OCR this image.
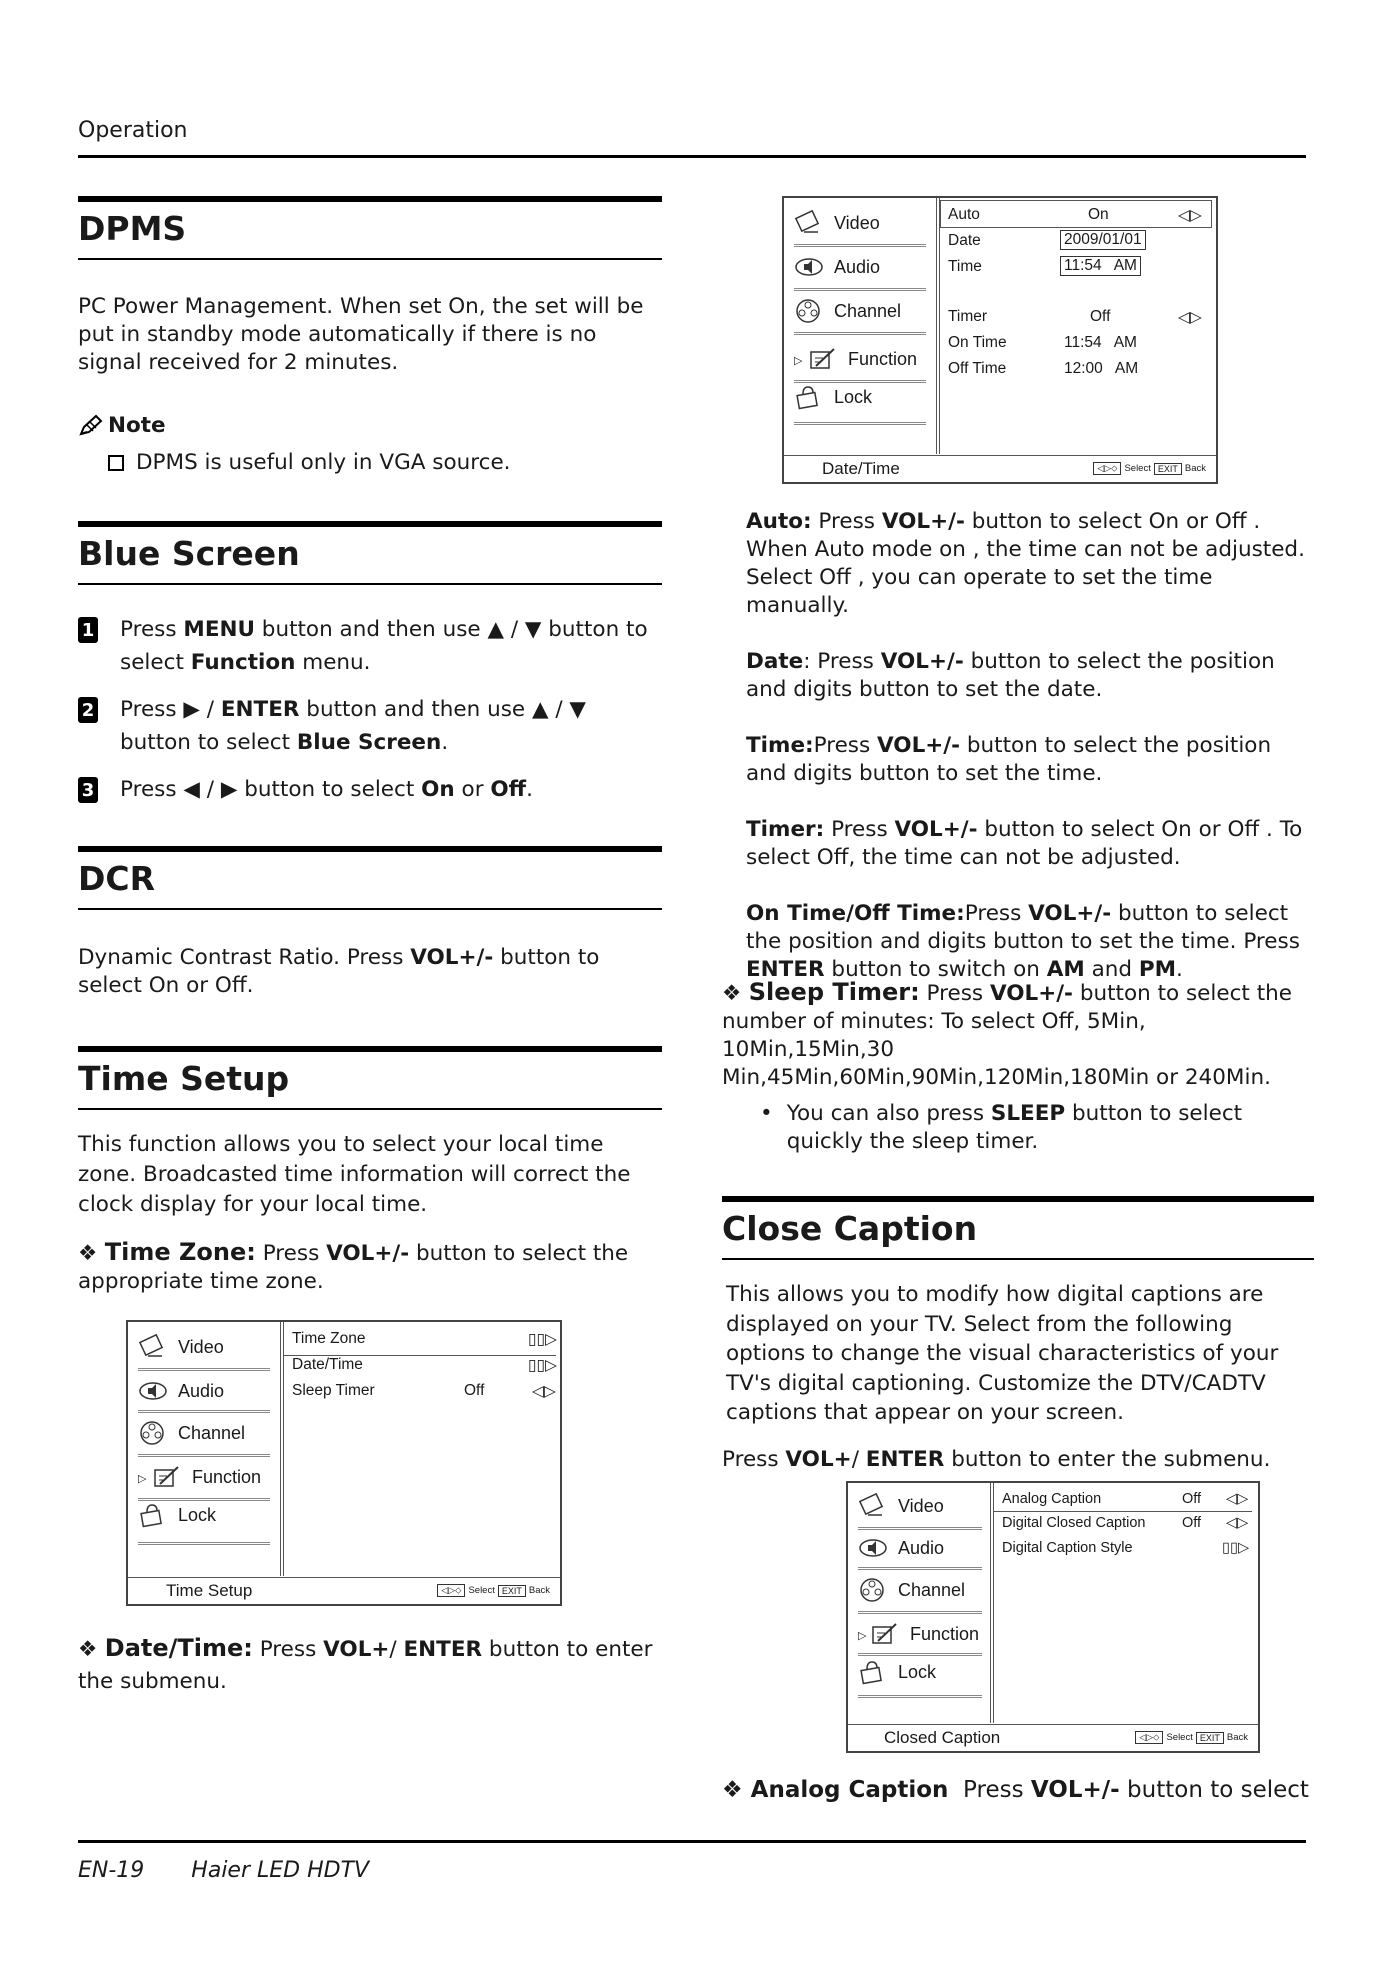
Operation
EN-19 Haier LED HDTV
DPMS

PC Power Management. When set On, the set will be put in standby mode automatically if there is no signal received for 2 minutes.

Note
DPMS is useful only in VGA source.
Blue Screen
1 Press MENU button and then use ▲ / ▼ button to select Function menu.
2 Press ▶ / ENTER button and then use ▲ / ▼ button to select Blue Screen.
3 Press ◀ / ▶ button to select On or Off.
DCR

Dynamic Contrast Ratio. Press VOL+/- button to select On or Off.

Time Setup

This function allows you to select your local time zone. Broadcasted time information will correct the clock display for your local time.

❖ Time Zone: Press VOL+/- button to select the appropriate time zone.

Video
Audio
Channel
▷	Function
Lock
Time Zone	▯▯▷
Date/Time	▯▯▷
Sleep Timer	Off	◁▷
Time Setup	◁▷⬦ Select EXIT Back

❖ Date/Time: Press VOL+/ ENTER button to enter the submenu.

Video
Audio
Channel
▷	Function
Lock
Auto	On	◁▷
Date	2009/01/01
Time	11:54   AM
Timer	Off	◁▷
On Time	11:54   AM
Off Time	12:00   AM
Date/Time	◁▷⬦ Select EXIT Back

Auto: Press VOL+/- button to select On or Off . When Auto mode on , the time can not be adjusted. Select Off , you can operate to set the time manually.

Date: Press VOL+/- button to select the position and digits button to set the date.

Time:Press VOL+/- button to select the position and digits button to set the time.

Timer: Press VOL+/- button to select On or Off . To select Off, the time can not be adjusted.

On Time/Off Time:Press VOL+/- button to select the position and digits button to set the time. Press ENTER button to switch on AM and PM.

❖ Sleep Timer: Press VOL+/- button to select the number of minutes: To select Off, 5Min, 10Min,15Min,30 Min,45Min,60Min,90Min,120Min,180Min or 240Min.

• You can also press SLEEP button to select quickly the sleep timer.
Close Caption

This allows you to modify how digital captions are displayed on your TV. Select from the following options to change the visual characteristics of your TV's digital captioning. Customize the DTV/CADTV captions that appear on your screen.

Press VOL+/ ENTER button to enter the submenu.

Video
Audio
Channel
▷ Function
Lock
Analog Caption	Off ◁▷
Digital Closed Caption	Off ◁▷
Digital Caption Style	▯▯▷
Closed Caption	◁▷⬦ Select EXIT Back

❖ Analog Caption  Press VOL+/- button to select
